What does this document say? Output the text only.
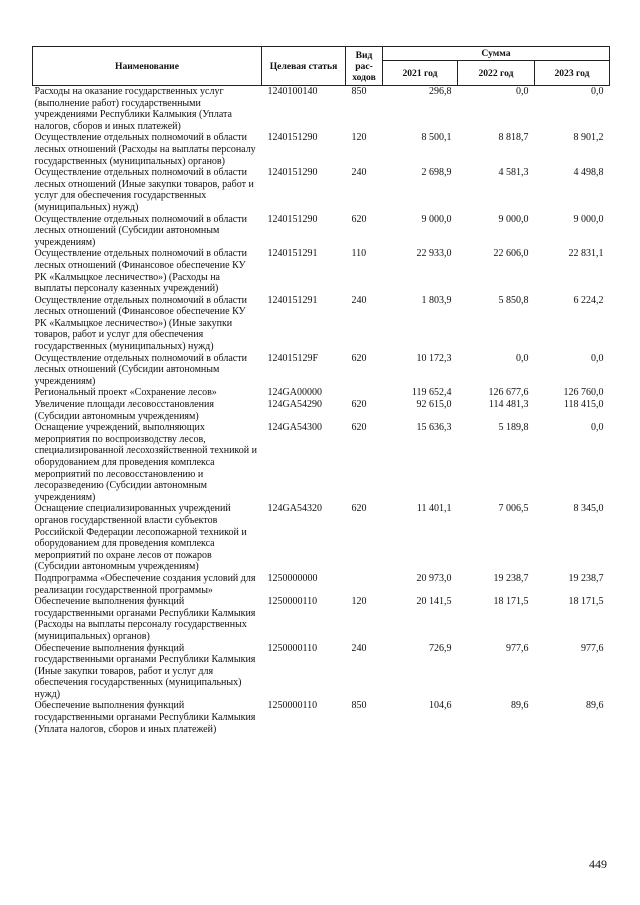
Наименование	Целевая статья	Вид рас-ходов	Сумма		
			2021 год	2022 год	2023 год
Расходы на оказание государственных услуг (выполнение работ) государственными учреждениями Республики Калмыкия (Уплата налогов, сборов и иных платежей)	1240100140	850	296,8	0,0	0,0
Осуществление отдельных полномочий в области лесных отношений (Расходы на выплаты персоналу государственных (муниципальных) органов)	1240151290	120	8 500,1	8 818,7	8 901,2
Осуществление отдельных полномочий в области лесных отношений (Иные закупки товаров, работ и услуг для обеспечения государственных (муниципальных) нужд)	1240151290	240	2 698,9	4 581,3	4 498,8
Осуществление отдельных полномочий в области лесных отношений (Субсидии автономным учреждениям)	1240151290	620	9 000,0	9 000,0	9 000,0
Осуществление отдельных полномочий в области лесных отношений (Финансовое обеспечение КУ РК «Калмыцкое лесничество») (Расходы на выплаты персоналу казенных учреждений)	1240151291	110	22 933,0	22 606,0	22 831,1
Осуществление отдельных полномочий в области лесных отношений (Финансовое обеспечение КУ РК «Калмыцкое лесничество») (Иные закупки товаров, работ и услуг для обеспечения государственных (муниципальных) нужд)	1240151291	240	1 803,9	5 850,8	6 224,2
Осуществление отдельных полномочий в области лесных отношений (Субсидии автономным учреждениям)	124015129F	620	10 172,3	0,0	0,0
Региональный проект «Сохранение лесов»	124GA00000		119 652,4	126 677,6	126 760,0
Увеличение площади лесовосстановления (Субсидии автономным учреждениям)	124GA54290	620	92 615,0	114 481,3	118 415,0
Оснащение учреждений, выполняющих мероприятия по воспроизводству лесов, специализированной лесохозяйственной техникой и оборудованием для проведения комплекса мероприятий по лесовосстановлению и лесоразведению (Субсидии автономным учреждениям)	124GA54300	620	15 636,3	5 189,8	0,0
Оснащение специализированных учреждений органов государственной власти субъектов Российской Федерации лесопожарной техникой и оборудованием для проведения комплекса мероприятий по охране лесов от пожаров (Субсидии автономным учреждениям)	124GA54320	620	11 401,1	7 006,5	8 345,0
Подпрограмма «Обеспечение создания условий для реализации государственной программы»	1250000000		20 973,0	19 238,7	19 238,7
Обеспечение выполнения функций государственными органами Республики Калмыкия (Расходы на выплаты персоналу государственных (муниципальных) органов)	1250000110	120	20 141,5	18 171,5	18 171,5
Обеспечение выполнения функций государственными органами Республики Калмыкия (Иные закупки товаров, работ и услуг для обеспечения государственных (муниципальных) нужд)	1250000110	240	726,9	977,6	977,6
Обеспечение выполнения функций государственными органами Республики Калмыкия (Уплата налогов, сборов и иных платежей)	1250000110	850	104,6	89,6	89,6
449
